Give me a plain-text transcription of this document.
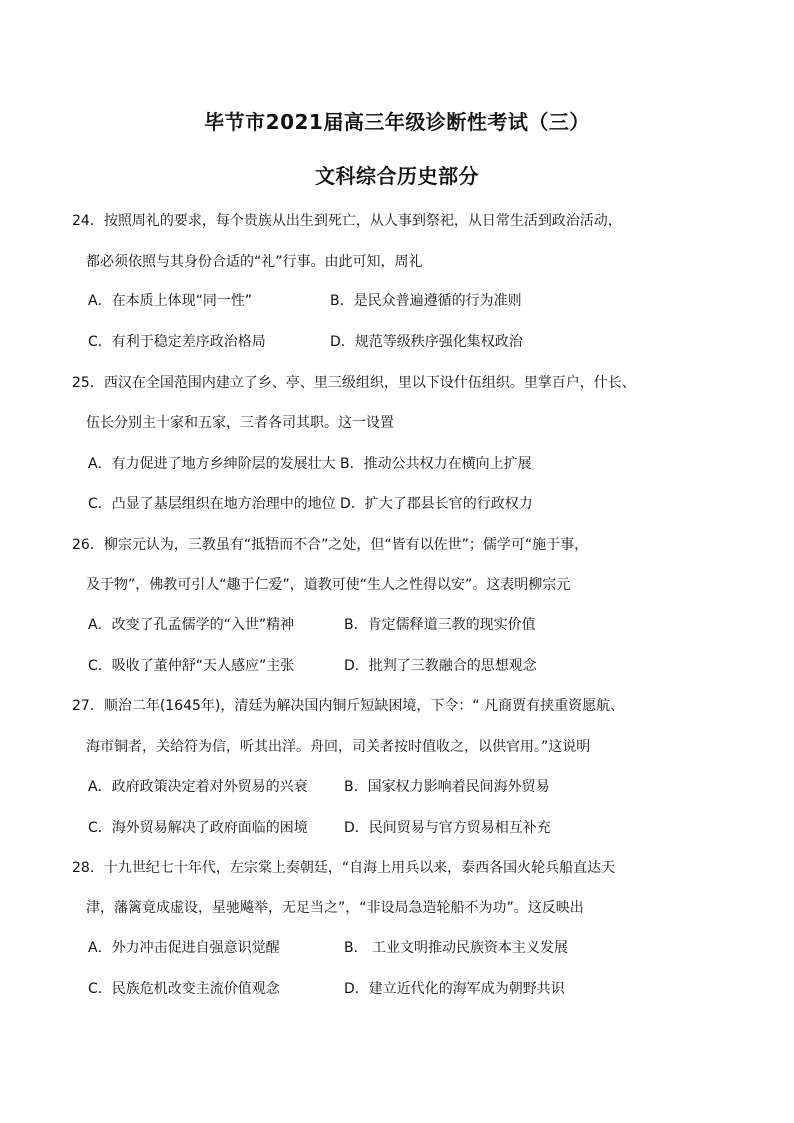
毕节市2021届高三年级诊断性考试（三）
文科综合历史部分
24．按照周礼的要求，每个贵族从出生到死亡，从人事到祭祀，从日常生活到政治活动，
都必须依照与其身份合适的“礼”行事。由此可知，周礼
A．在本质上体现“同一性”	B．是民众普遍遵循的行为准则
C．有利于稳定差序政治格局	D．规范等级秩序强化集权政治
25．西汉在全国范围内建立了乡、亭、里三级组织，里以下设什伍组织。里掌百户，什长、
伍长分别主十家和五家，三者各司其职。这一设置
A．有力促进了地方乡绅阶层的发展壮大 B．推动公共权力在横向上扩展
C．凸显了基层组织在地方治理中的地位 D．扩大了郡县长官的行政权力
26．柳宗元认为，三教虽有“抵牾而不合”之处，但“皆有以佐世”；儒学可“施于事，
及于物”，佛教可引人“趣于仁爱”，道教可使“生人之性得以安”。这表明柳宗元
A．改变了孔孟儒学的“入世”精神	B．肯定儒释道三教的现实价值
C．吸收了董仲舒“天人感应”主张	D．批判了三教融合的思想观念
27．顺治二年(1645年)，清廷为解决国内铜斤短缺困境，下令：“ 凡商贾有挟重资愿航、
海市铜者，关给符为信，听其出洋。舟回，司关者按时值收之，以供官用。”这说明
A．政府政策决定着对外贸易的兴衰	B．国家权力影响着民间海外贸易
C．海外贸易解决了政府面临的困境	D．民间贸易与官方贸易相互补充
28．十九世纪七十年代，左宗棠上奏朝廷，“自海上用兵以来，泰西各国火轮兵船直达天
津，藩篱竟成虚设，星驰飚举，无足当之”，“非设局急造轮船不为功”。这反映出
A．外力冲击促进自强意识觉醒	B． 工业文明推动民族资本主义发展
C．民族危机改变主流价值观念	D．建立近代化的海军成为朝野共识
